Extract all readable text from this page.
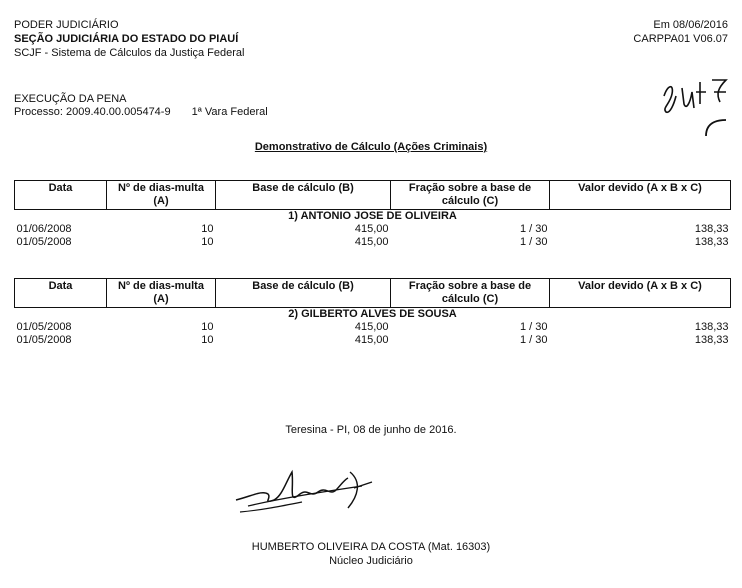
PODER JUDICIÁRIO
SEÇÃO JUDICIÁRIA DO ESTADO DO PIAUÍ
SCJF - Sistema de Cálculos da Justiça Federal
Em 08/06/2016
CARPPA01 V06.07
EXECUÇÃO DA PENA
Processo: 2009.40.00.005474-9 1ª Vara Federal
Demonstrativo de Cálculo (Ações Criminais)
Data	Nº de dias-multa (A)	Base de cálculo (B)	Fração sobre a base de cálculo (C)	Valor devido (A x B x C)
1) ANTONIO JOSE DE OLIVEIRA				
01/06/2008	10	415,00	1 / 30	138,33
01/05/2008	10	415,00	1 / 30	138,33
Data	Nº de dias-multa (A)	Base de cálculo (B)	Fração sobre a base de cálculo (C)	Valor devido (A x B x C)
2) GILBERTO ALVES DE SOUSA				
01/05/2008	10	415,00	1 / 30	138,33
01/05/2008	10	415,00	1 / 30	138,33
Teresina - PI, 08 de junho de 2016.
HUMBERTO OLIVEIRA DA COSTA (Mat. 16303)
Núcleo Judiciário
